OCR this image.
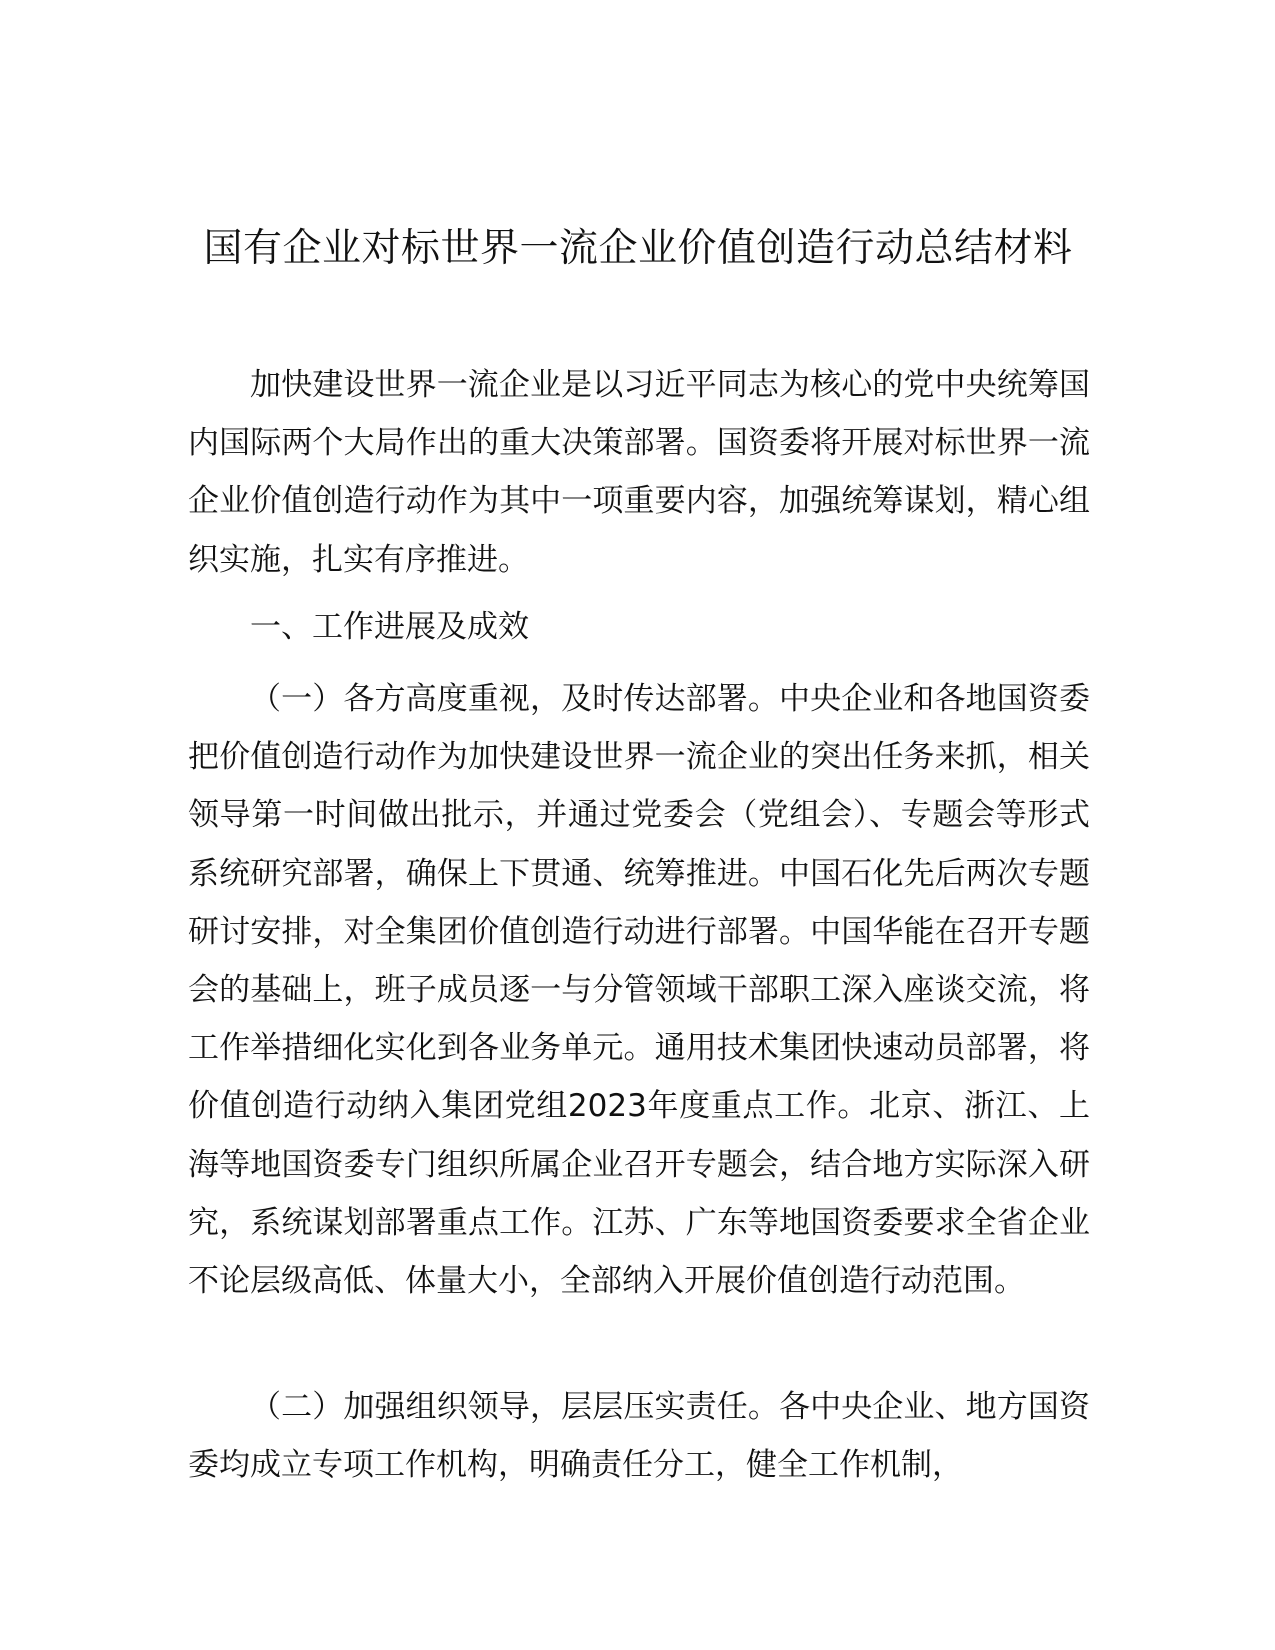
国有企业对标世界一流企业价值创造行动总结材料

加快建设世界一流企业是以习近平同志为核心的党中央统筹国内国际两个大局作出的重大决策部署。国资委将开展对标世界一流企业价值创造行动作为其中一项重要内容，加强统筹谋划，精心组织实施，扎实有序推进。

一、工作进展及成效

（一）各方高度重视，及时传达部署。中央企业和各地国资委把价值创造行动作为加快建设世界一流企业的突出任务来抓，相关领导第一时间做出批示，并通过党委会（党组会）、专题会等形式系统研究部署，确保上下贯通、统筹推进。中国石化先后两次专题研讨安排，对全集团价值创造行动进行部署。中国华能在召开专题会的基础上，班子成员逐一与分管领域干部职工深入座谈交流，将工作举措细化实化到各业务单元。通用技术集团快速动员部署，将价值创造行动纳入集团党组2023年度重点工作。北京、浙江、上海等地国资委专门组织所属企业召开专题会，结合地方实际深入研究，系统谋划部署重点工作。江苏、广东等地国资委要求全省企业不论层级高低、体量大小，全部纳入开展价值创造行动范围。

（二）加强组织领导，层层压实责任。各中央企业、地方国资委均成立专项工作机构，明确责任分工，健全工作机制，
